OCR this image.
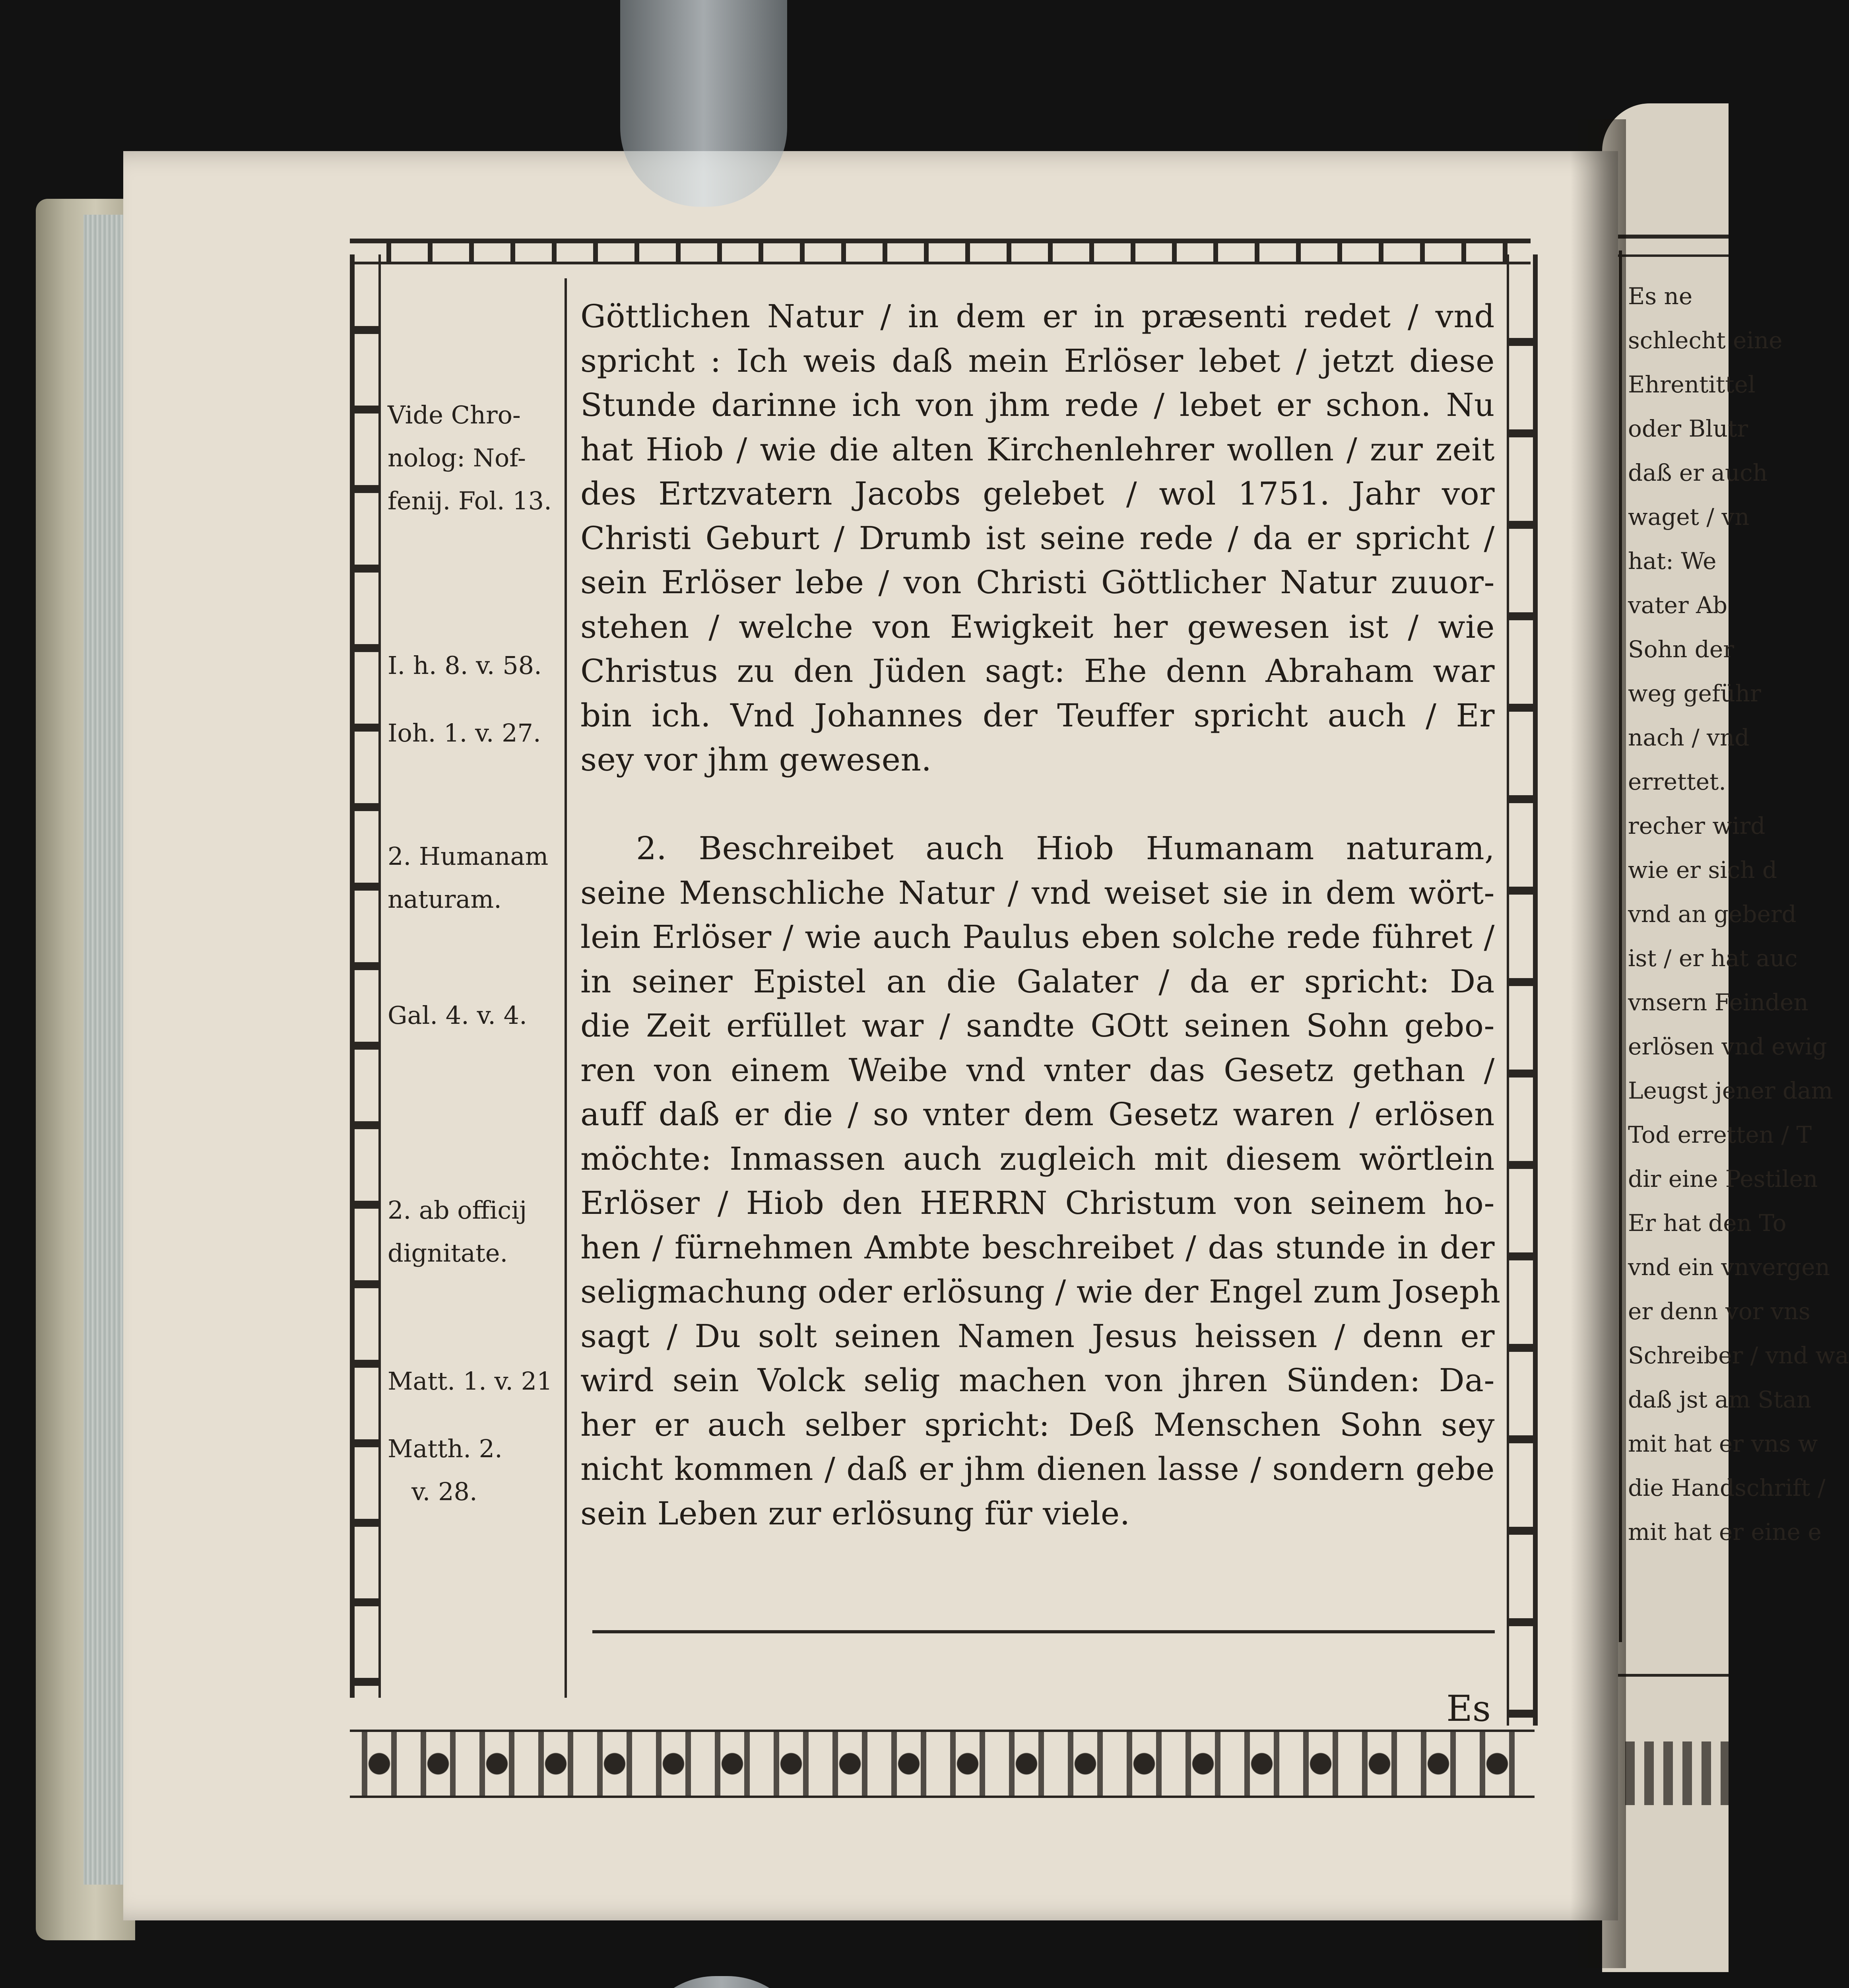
Es ne
schlecht eine
Ehrentittel
oder Blutr
daß er auch
waget / vn
hat: We
vater Ab
Sohn der
weg geführ
nach / vnd
errettet.
recher wird
wie er sich d
vnd an geberd
ist / er hat auc
vnsern Feinden
erlösen vnd ewig
Leugst jener dam
Tod erretten / T
dir eine Pestilen
Er hat den To
vnd ein vnvergen
er denn vor vns
Schreiber / vnd wa
daß jst am Stan
mit hat er vns w
die Handschrift /
mit hat er eine e
Göttlichen Natur / in dem er in præsenti redet / vnd
spricht : Ich weis daß mein Erlöser lebet / jetzt diese
Stunde darinne ich von jhm rede / lebet er schon. Nu
hat Hiob / wie die alten Kirchenlehrer wollen / zur zeit
des Ertzvatern Jacobs gelebet / wol 1751. Jahr vor
Christi Geburt / Drumb ist seine rede / da er spricht /
sein Erlöser lebe / von Christi Göttlicher Natur zuuor-
stehen / welche von Ewigkeit her gewesen ist / wie
Christus zu den Jüden sagt: Ehe denn Abraham war
bin ich. Vnd Johannes der Teuffer spricht auch / Er
sey vor jhm gewesen.
2. Beschreibet auch Hiob Humanam naturam,
seine Menschliche Natur / vnd weiset sie in dem wört-
lein Erlöser / wie auch Paulus eben solche rede führet /
in seiner Epistel an die Galater / da er spricht: Da
die Zeit erfüllet war / sandte GOtt seinen Sohn gebo-
ren von einem Weibe vnd vnter das Gesetz gethan /
auff daß er die / so vnter dem Gesetz waren / erlösen
möchte: Inmassen auch zugleich mit diesem wörtlein
Erlöser / Hiob den HERRN Christum von seinem ho-
hen / fürnehmen Ambte beschreibet / das stunde in der
seligmachung oder erlösung / wie der Engel zum Joseph
sagt / Du solt seinen Namen Jesus heissen / denn er
wird sein Volck selig machen von jhren Sünden: Da-
her er auch selber spricht: Deß Menschen Sohn sey
nicht kommen / daß er jhm dienen lasse / sondern gebe
sein Leben zur erlösung für viele.
Vide Chro-
nolog: Nof-
fenij. Fol. 13.
I. h. 8. v. 58.
Ioh. 1. v. 27.
2. Humanam
naturam.
Gal. 4. v. 4.
2. ab officij
dignitate.
Matt. 1. v. 21
Matth. 2.
v. 28.
Es
